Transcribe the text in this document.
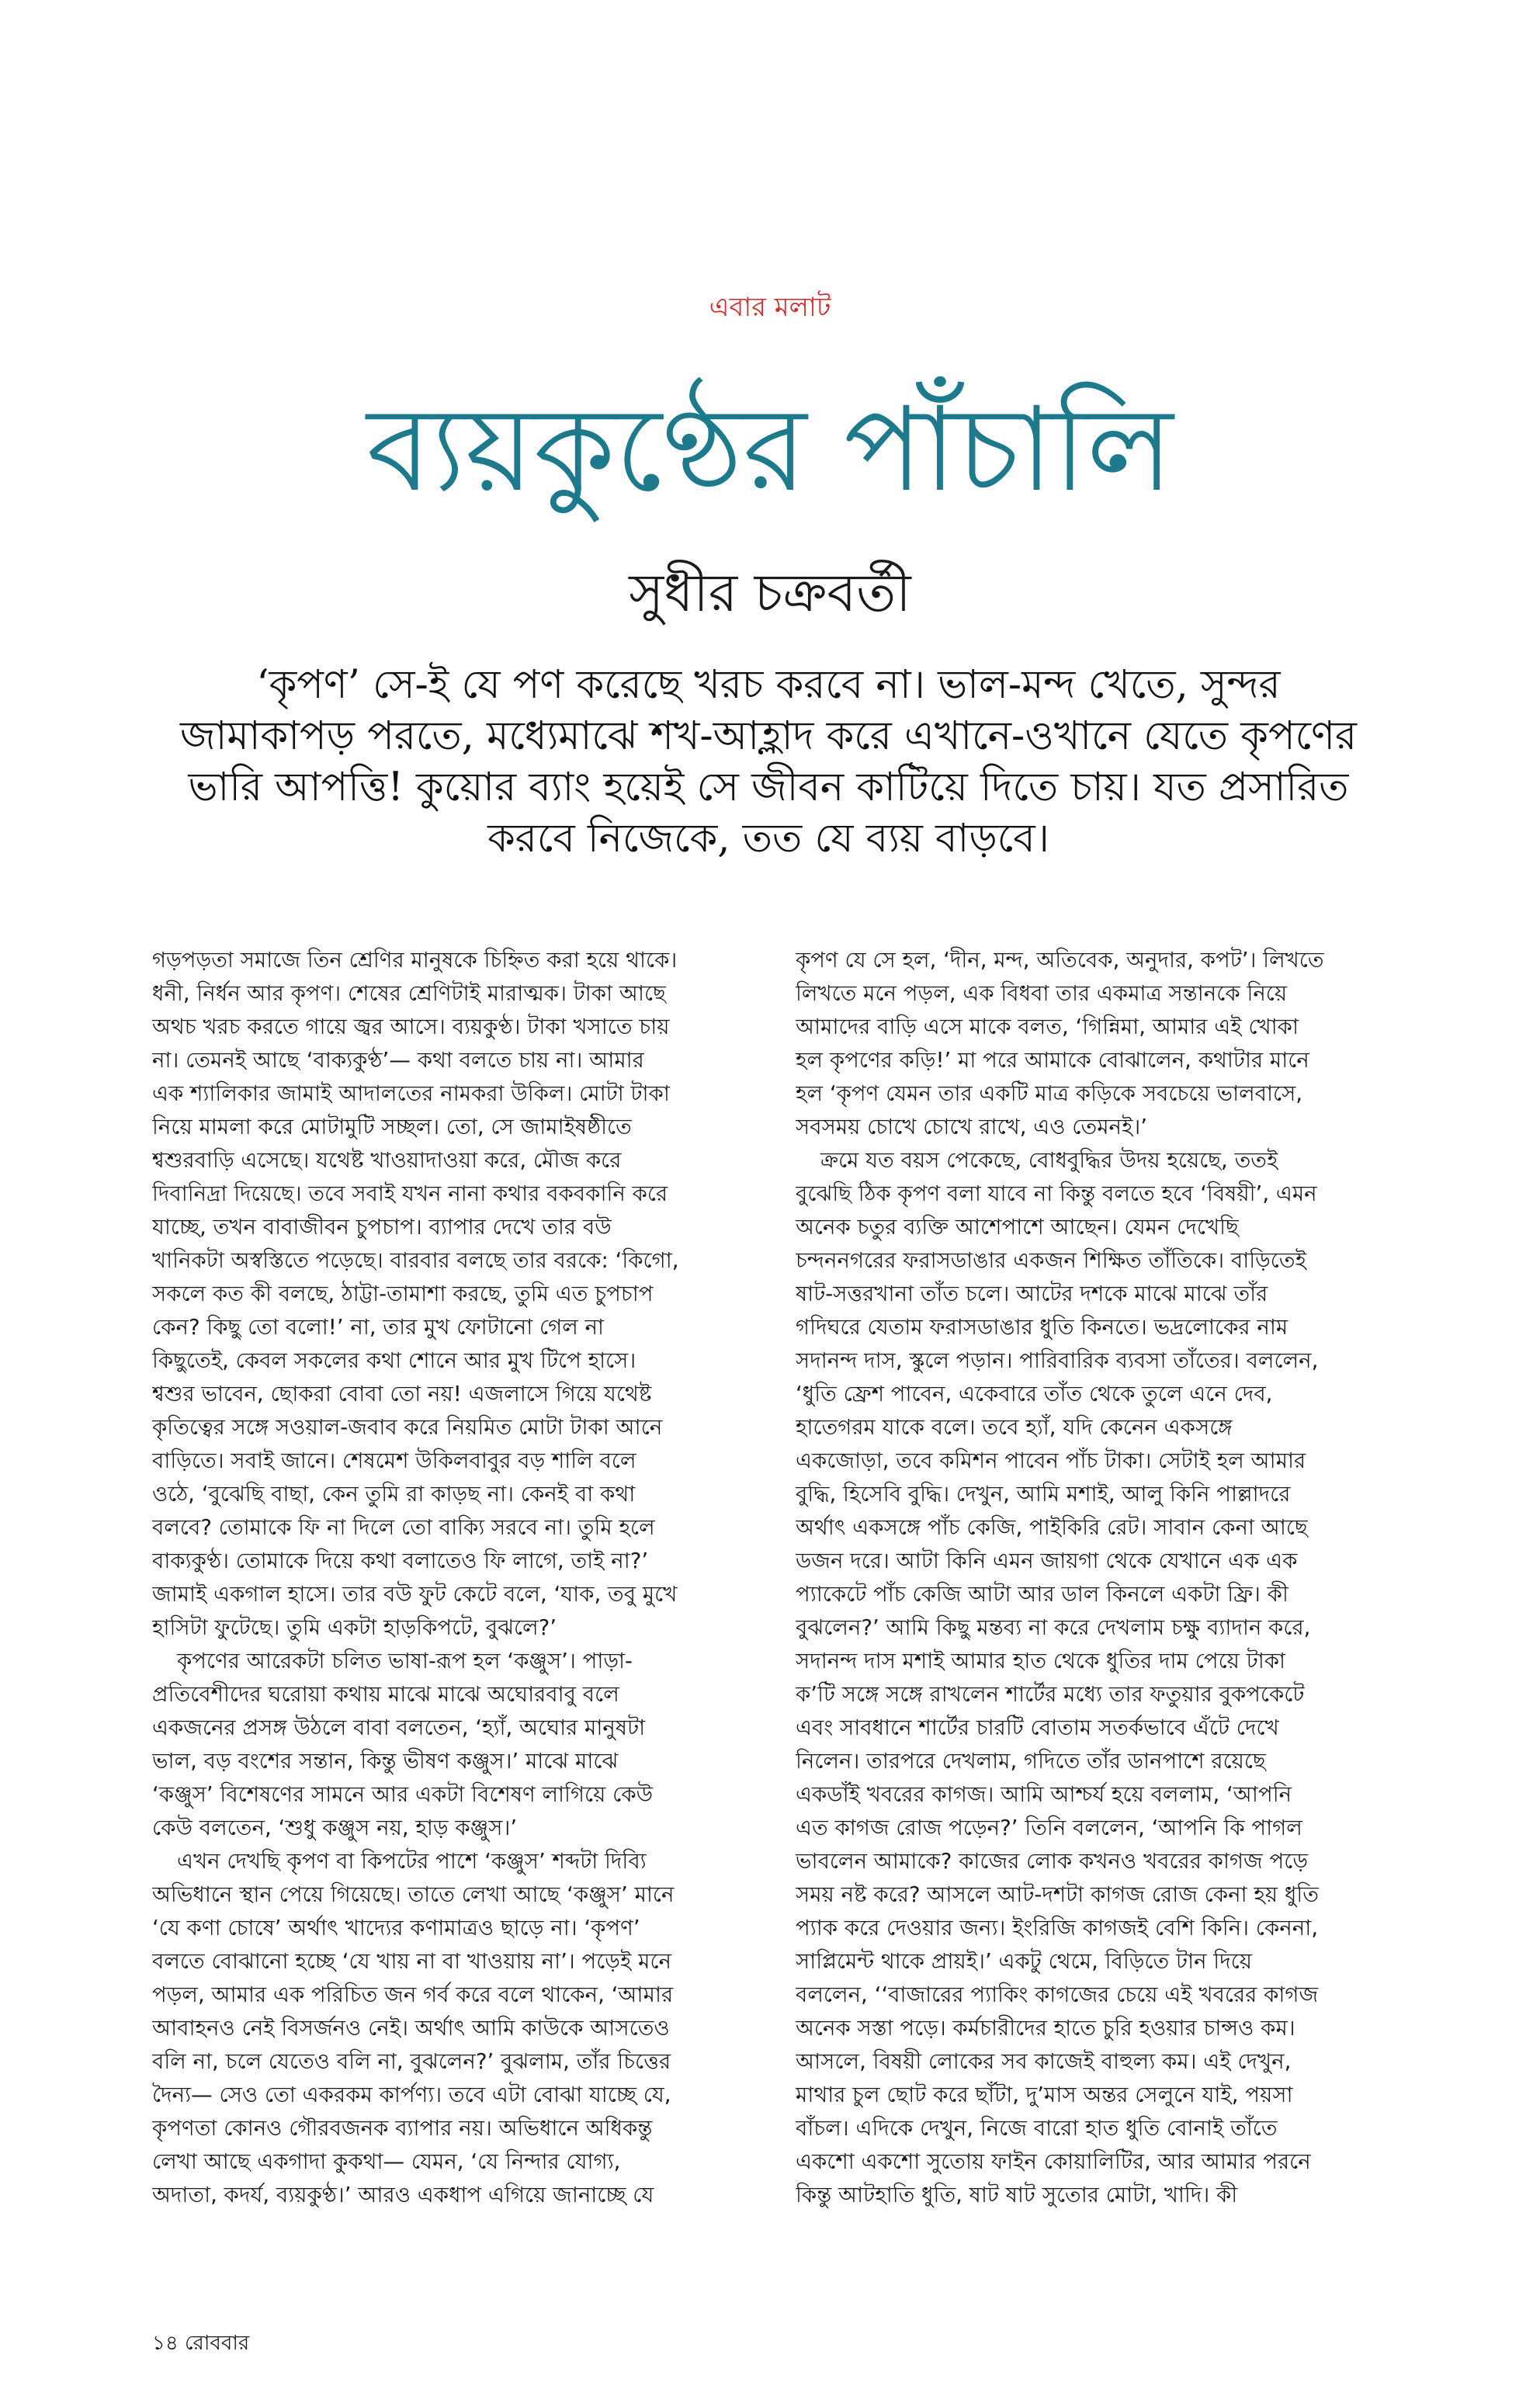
এবার মলাট
ব্যয়কুণ্ঠের পাঁচালি
সুধীর চক্রবর্তী
‘কৃপণ’ সে-ই যে পণ করেছে খরচ করবে না। ভাল-মন্দ খেতে, সুন্দর
জামাকাপড় পরতে, মধ্যেমাঝে শখ-আহ্লাদ করে এখানে-ওখানে যেতে কৃপণের
ভারি আপত্তি! কুয়োর ব্যাং হয়েই সে জীবন কাটিয়ে দিতে চায়। যত প্রসারিত
করবে নিজেকে, তত যে ব্যয় বাড়বে।
গড়পড়তা সমাজে তিন শ্রেণির মানুষকে চিহ্নিত করা হয়ে থাকে।
ধনী, নির্ধন আর কৃপণ। শেষের শ্রেণিটাই মারাত্মক। টাকা আছে
অথচ খরচ করতে গায়ে জ্বর আসে। ব্যয়কুণ্ঠ। টাকা খসাতে চায়
না। তেমনই আছে ‘বাক্যকুণ্ঠ’— কথা বলতে চায় না। আমার
এক শ্যালিকার জামাই আদালতের নামকরা উকিল। মোটা টাকা
নিয়ে মামলা করে মোটামুটি সচ্ছল। তো, সে জামাইষষ্ঠীতে
শ্বশুরবাড়ি এসেছে। যথেষ্ট খাওয়াদাওয়া করে, মৌজ করে
দিবানিদ্রা দিয়েছে। তবে সবাই যখন নানা কথার বকবকানি করে
যাচ্ছে, তখন বাবাজীবন চুপচাপ। ব্যাপার দেখে তার বউ
খানিকটা অস্বস্তিতে পড়েছে। বারবার বলছে তার বরকে: ‘কিগো,
সকলে কত কী বলছে, ঠাট্টা-তামাশা করছে, তুমি এত চুপচাপ
কেন? কিছু তো বলো!’ না, তার মুখ ফোটানো গেল না
কিছুতেই, কেবল সকলের কথা শোনে আর মুখ টিপে হাসে।
শ্বশুর ভাবেন, ছোকরা বোবা তো নয়! এজলাসে গিয়ে যথেষ্ট
কৃতিত্বের সঙ্গে সওয়াল-জবাব করে নিয়মিত মোটা টাকা আনে
বাড়িতে। সবাই জানে। শেষমেশ উকিলবাবুর বড় শালি বলে
ওঠে, ‘বুঝেছি বাছা, কেন তুমি রা কাড়ছ না। কেনই বা কথা
বলবে? তোমাকে ফি না দিলে তো বাক্যি সরবে না। তুমি হলে
বাক্যকুণ্ঠ। তোমাকে দিয়ে কথা বলাতেও ফি লাগে, তাই না?’
জামাই একগাল হাসে। তার বউ ফুট কেটে বলে, ‘যাক, তবু মুখে
হাসিটা ফুটেছে। তুমি একটা হাড়কিপটে, বুঝলে?’
কৃপণের আরেকটা চলিত ভাষা-রূপ হল ‘কঞ্জুস’। পাড়া-
প্রতিবেশীদের ঘরোয়া কথায় মাঝে মাঝে অঘোরবাবু বলে
একজনের প্রসঙ্গ উঠলে বাবা বলতেন, ‘হ্যাঁ, অঘোর মানুষটা
ভাল, বড় বংশের সন্তান, কিন্তু ভীষণ কঞ্জুস।’ মাঝে মাঝে
‘কঞ্জুস’ বিশেষণের সামনে আর একটা বিশেষণ লাগিয়ে কেউ
কেউ বলতেন, ‘শুধু কঞ্জুস নয়, হাড় কঞ্জুস।’
এখন দেখছি কৃপণ বা কিপটের পাশে ‘কঞ্জুস’ শব্দটা দিব্যি
অভিধানে স্থান পেয়ে গিয়েছে। তাতে লেখা আছে ‘কঞ্জুস’ মানে
‘যে কণা চোষে’ অর্থাৎ খাদ্যের কণামাত্রও ছাড়ে না। ‘কৃপণ’
বলতে বোঝানো হচ্ছে ‘যে খায় না বা খাওয়ায় না’। পড়েই মনে
পড়ল, আমার এক পরিচিত জন গর্ব করে বলে থাকেন, ‘আমার
আবাহনও নেই বিসর্জনও নেই। অর্থাৎ আমি কাউকে আসতেও
বলি না, চলে যেতেও বলি না, বুঝলেন?’ বুঝলাম, তাঁর চিত্তের
দৈন্য— সেও তো একরকম কার্পণ্য। তবে এটা বোঝা যাচ্ছে যে,
কৃপণতা কোনও গৌরবজনক ব্যাপার নয়। অভিধানে অধিকন্তু
লেখা আছে একগাদা কুকথা— যেমন, ‘যে নিন্দার যোগ্য,
অদাতা, কদর্য, ব্যয়কুণ্ঠ।’ আরও একধাপ এগিয়ে জানাচ্ছে যে
কৃপণ যে সে হল, ‘দীন, মন্দ, অতিবেক, অনুদার, কপট’। লিখতে
লিখতে মনে পড়ল, এক বিধবা তার একমাত্র সন্তানকে নিয়ে
আমাদের বাড়ি এসে মাকে বলত, ‘গিন্নিমা, আমার এই খোকা
হল কৃপণের কড়ি!’ মা পরে আমাকে বোঝালেন, কথাটার মানে
হল ‘কৃপণ যেমন তার একটি মাত্র কড়িকে সবচেয়ে ভালবাসে,
সবসময় চোখে চোখে রাখে, এও তেমনই।’
ক্রমে যত বয়স পেকেছে, বোধবুদ্ধির উদয় হয়েছে, ততই
বুঝেছি ঠিক কৃপণ বলা যাবে না কিন্তু বলতে হবে ‘বিষয়ী’, এমন
অনেক চতুর ব্যক্তি আশেপাশে আছেন। যেমন দেখেছি
চন্দননগরের ফরাসডাঙার একজন শিক্ষিত তাঁতিকে। বাড়িতেই
ষাট-সত্তরখানা তাঁত চলে। আটের দশকে মাঝে মাঝে তাঁর
গদিঘরে যেতাম ফরাসডাঙার ধুতি কিনতে। ভদ্রলোকের নাম
সদানন্দ দাস, স্কুলে পড়ান। পারিবারিক ব্যবসা তাঁতের। বললেন,
‘ধুতি ফ্রেশ পাবেন, একেবারে তাঁত থেকে তুলে এনে দেব,
হাতেগরম যাকে বলে। তবে হ্যাঁ, যদি কেনেন একসঙ্গে
একজোড়া, তবে কমিশন পাবেন পাঁচ টাকা। সেটাই হল আমার
বুদ্ধি, হিসেবি বুদ্ধি। দেখুন, আমি মশাই, আলু কিনি পাল্লাদরে
অর্থাৎ একসঙ্গে পাঁচ কেজি, পাইকিরি রেট। সাবান কেনা আছে
ডজন দরে। আটা কিনি এমন জায়গা থেকে যেখানে এক এক
প্যাকেটে পাঁচ কেজি আটা আর ডাল কিনলে একটা ফ্রি। কী
বুঝলেন?’ আমি কিছু মন্তব্য না করে দেখলাম চক্ষু ব্যাদান করে,
সদানন্দ দাস মশাই আমার হাত থেকে ধুতির দাম পেয়ে টাকা
ক’টি সঙ্গে সঙ্গে রাখলেন শার্টের মধ্যে তার ফতুয়ার বুকপকেটে
এবং সাবধানে শার্টের চারটি বোতাম সতর্কভাবে এঁটে দেখে
নিলেন। তারপরে দেখলাম, গদিতে তাঁর ডানপাশে রয়েছে
একডাঁই খবরের কাগজ। আমি আশ্চর্য হয়ে বললাম, ‘আপনি
এত কাগজ রোজ পড়েন?’ তিনি বললেন, ‘আপনি কি পাগল
ভাবলেন আমাকে? কাজের লোক কখনও খবরের কাগজ পড়ে
সময় নষ্ট করে? আসলে আট-দশটা কাগজ রোজ কেনা হয় ধুতি
প্যাক করে দেওয়ার জন্য। ইংরিজি কাগজই বেশি কিনি। কেননা,
সাপ্লিমেন্ট থাকে প্রায়ই।’ একটু থেমে, বিড়িতে টান দিয়ে
বললেন, ‘‘বাজারের প্যাকিং কাগজের চেয়ে এই খবরের কাগজ
অনেক সস্তা পড়ে। কর্মচারীদের হাতে চুরি হওয়ার চান্সও কম।
আসলে, বিষয়ী লোকের সব কাজেই বাহুল্য কম। এই দেখুন,
মাথার চুল ছোট করে ছাঁটা, দু’মাস অন্তর সেলুনে যাই, পয়সা
বাঁচল। এদিকে দেখুন, নিজে বারো হাত ধুতি বোনাই তাঁতে
একশো একশো সুতোয় ফাইন কোয়ালিটির, আর আমার পরনে
কিন্তু আটহাতি ধুতি, ষাট ষাট সুতোর মোটা, খাদি। কী
১৪ রোববার
